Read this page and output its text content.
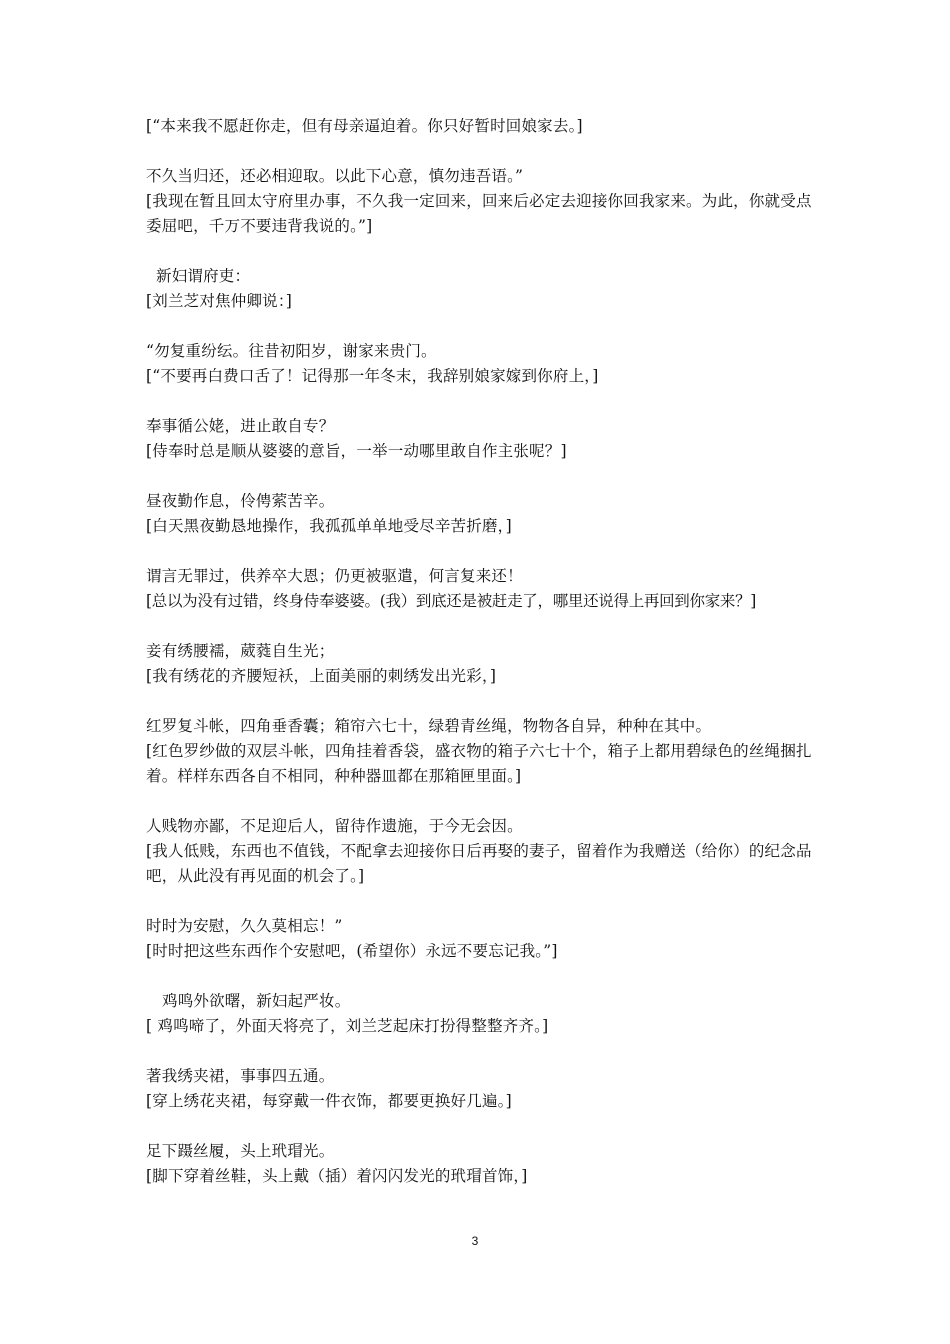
[“本来我不愿赶你走，但有母亲逼迫着。你只好暂时回娘家去。]
不久当归还，还必相迎取。以此下心意，慎勿违吾语。”
[我现在暂且回太守府里办事，不久我一定回来，回来后必定去迎接你回我家来。为此，你就受点委屈吧，千万不要违背我说的。”]
新妇谓府吏：
[刘兰芝对焦仲卿说：]
“勿复重纷纭。往昔初阳岁，谢家来贵门。
[“不要再白费口舌了！记得那一年冬末，我辞别娘家嫁到你府上，]
奉事循公姥，进止敢自专？
[侍奉时总是顺从婆婆的意旨，一举一动哪里敢自作主张呢？]
昼夜勤作息，伶俜萦苦辛。
[白天黑夜勤恳地操作，我孤孤单单地受尽辛苦折磨，]
谓言无罪过，供养卒大恩；仍更被驱遣，何言复来还！
[总以为没有过错，终身侍奉婆婆。(我）到底还是被赶走了，哪里还说得上再回到你家来？]
妾有绣腰襦，葳蕤自生光；
[我有绣花的齐腰短袄，上面美丽的刺绣发出光彩，]
红罗复斗帐，四角垂香囊；箱帘六七十，绿碧青丝绳，物物各自异，种种在其中。
[红色罗纱做的双层斗帐，四角挂着香袋，盛衣物的箱子六七十个，箱子上都用碧绿色的丝绳捆扎着。样样东西各自不相同，种种器皿都在那箱匣里面。]
人贱物亦鄙，不足迎后人，留待作遗施，于今无会因。
[我人低贱，东西也不值钱，不配拿去迎接你日后再娶的妻子，留着作为我赠送（给你）的纪念品吧，从此没有再见面的机会了。]
时时为安慰，久久莫相忘！”
[时时把这些东西作个安慰吧，(希望你）永远不要忘记我。”]
鸡鸣外欲曙，新妇起严妆。
[ 鸡鸣啼了，外面天将亮了，刘兰芝起床打扮得整整齐齐。]
著我绣夹裙，事事四五通。
[穿上绣花夹裙，每穿戴一件衣饰，都要更换好几遍。]
足下蹑丝履，头上玳瑁光。
[脚下穿着丝鞋，头上戴（插）着闪闪发光的玳瑁首饰，]
3
